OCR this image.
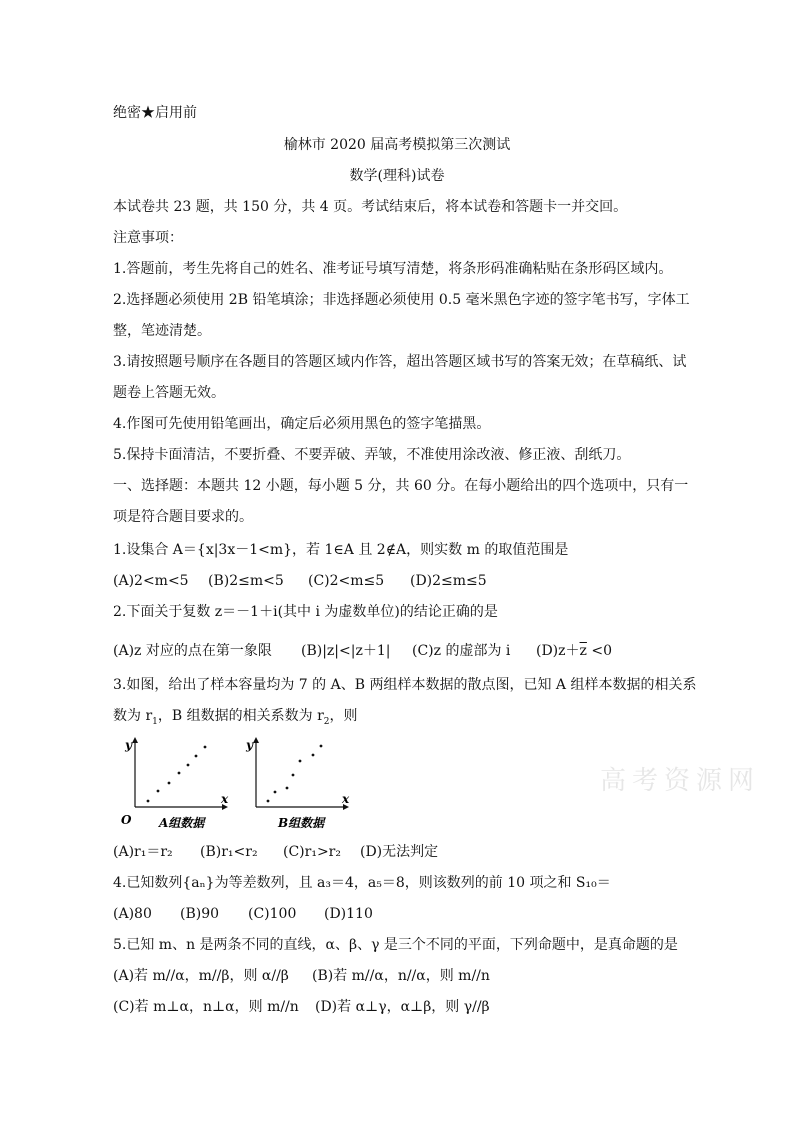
绝密★启用前
榆林市 2020 届高考模拟第三次测试
数学(理科)试卷
本试卷共 23 题，共 150 分，共 4 页。考试结束后，将本试卷和答题卡一并交回。
注意事项：
1.答题前，考生先将自己的姓名、准考证号填写清楚，将条形码准确粘贴在条形码区域内。
2.选择题必须使用 2B 铅笔填涂；非选择题必须使用 0.5 毫米黑色字迹的签字笔书写，字体工
整，笔迹清楚。
3.请按照题号顺序在各题目的答题区域内作答，超出答题区域书写的答案无效；在草稿纸、试
题卷上答题无效。
4.作图可先使用铅笔画出，确定后必须用黑色的签字笔描黑。
5.保持卡面清洁，不要折叠、不要弄破、弄皱，不准使用涂改液、修正液、刮纸刀。
一、选择题：本题共 12 小题，每小题 5 分，共 60 分。在每小题给出的四个选项中，只有一
项是符合题目要求的。
1.设集合 A＝{x|3x－1<m}，若 1∈A 且 2∉A，则实数 m 的取值范围是
(A)2<m<5 (B)2≤m<5 (C)2<m≤5 (D)2≤m≤5
2.下面关于复数 z＝－1＋i(其中 i 为虚数单位)的结论正确的是
(A)z 对应的点在第一象限 (B)|z|<|z＋1| (C)z 的虚部为 i $(D)z+\overline{z} <0$
3.如图，给出了样本容量均为 7 的 A、B 两组样本数据的散点图，已知 A 组样本数据的相关系
数为 $r_1$，B 组数据的相关系数为 $r_2$，则
y
x
O A组数据
y
x
B组数据
(A)r₁＝r₂ (B)r₁<r₂ (C)r₁>r₂ (D)无法判定
4.已知数列{aₙ}为等差数列，且 a₃＝4，a₅＝8，则该数列的前 10 项之和 S₁₀＝
(A)80 (B)90 (C)100 (D)110
5.已知 m、n 是两条不同的直线，α、β、γ 是三个不同的平面，下列命题中，是真命题的是
(A)若 m//α，m//β，则 α//β (B)若 m//α，n//α，则 m//n
(C)若 m⊥α，n⊥α，则 m//n (D)若 α⊥γ，α⊥β，则 γ//β
高考资源网
